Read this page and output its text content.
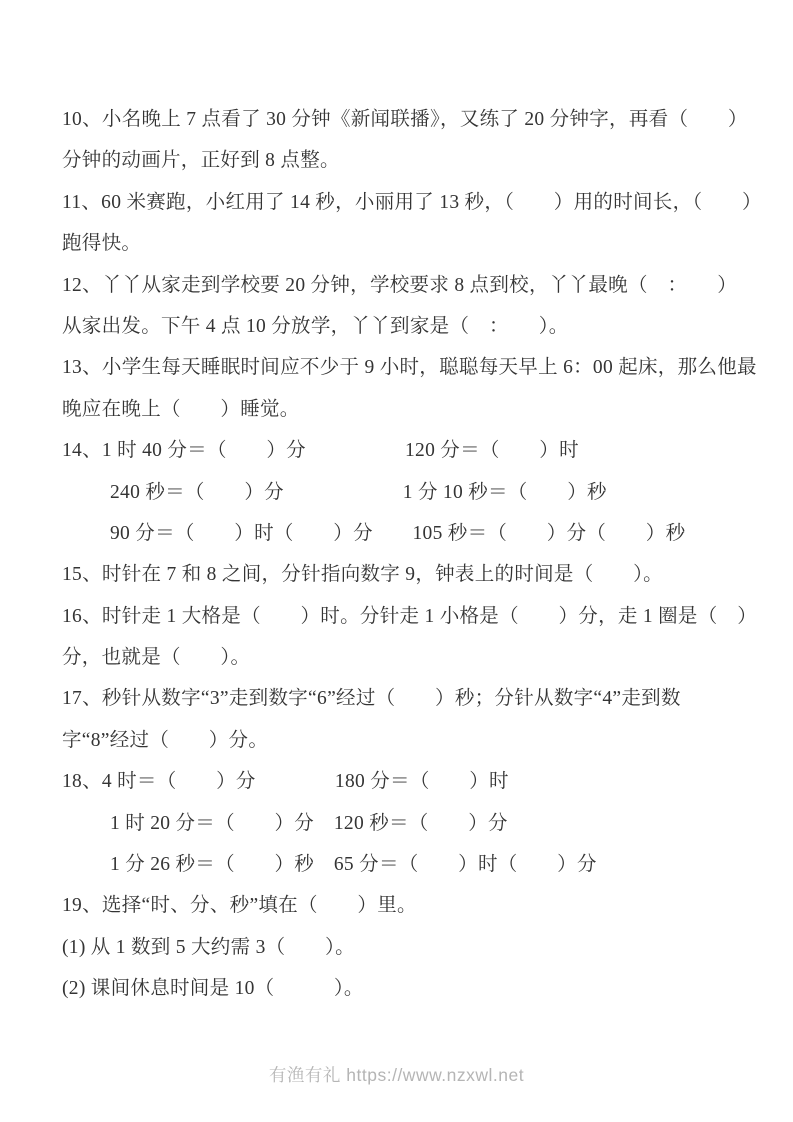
10、小名晚上 7 点看了 30 分钟《新闻联播》，又练了 20 分钟字，再看（　　）
分钟的动画片，正好到 8 点整。
11、60 米赛跑，小红用了 14 秒，小丽用了 13 秒，（　　）用的时间长，（　　）
跑得快。
12、丫丫从家走到学校要 20 分钟，学校要求 8 点到校，丫丫最晚（　：　　）
从家出发。下午 4 点 10 分放学，丫丫到家是（　：　　）。
13、小学生每天睡眠时间应不少于 9 小时，聪聪每天早上 6：00 起床，那么他最
晚应在晚上（　　）睡觉。
14、1 时 40 分＝（　　）分　　　　　120 分＝（　　）时
240 秒＝（　　）分　　　　　　1 分 10 秒＝（　　）秒
90 分＝（　　）时（　　）分　　105 秒＝（　　）分（　　）秒
15、时针在 7 和 8 之间，分针指向数字 9，钟表上的时间是（　　）。
16、时针走 1 大格是（　　）时。分针走 1 小格是（　　）分，走 1 圈是（　）
分，也就是（　　）。
17、秒针从数字“3”走到数字“6”经过（　　）秒；分针从数字“4”走到数
字“8”经过（　　）分。
18、4 时＝（　　）分　　　　180 分＝（　　）时
1 时 20 分＝（　　）分　120 秒＝（　　）分
1 分 26 秒＝（　　）秒　65 分＝（　　）时（　　）分
19、选择“时、分、秒”填在（　　）里。
(1) 从 1 数到 5 大约需 3（　　）。
(2) 课间休息时间是 10（　　　）。
有渔有礼 https://www.nzxwl.net
